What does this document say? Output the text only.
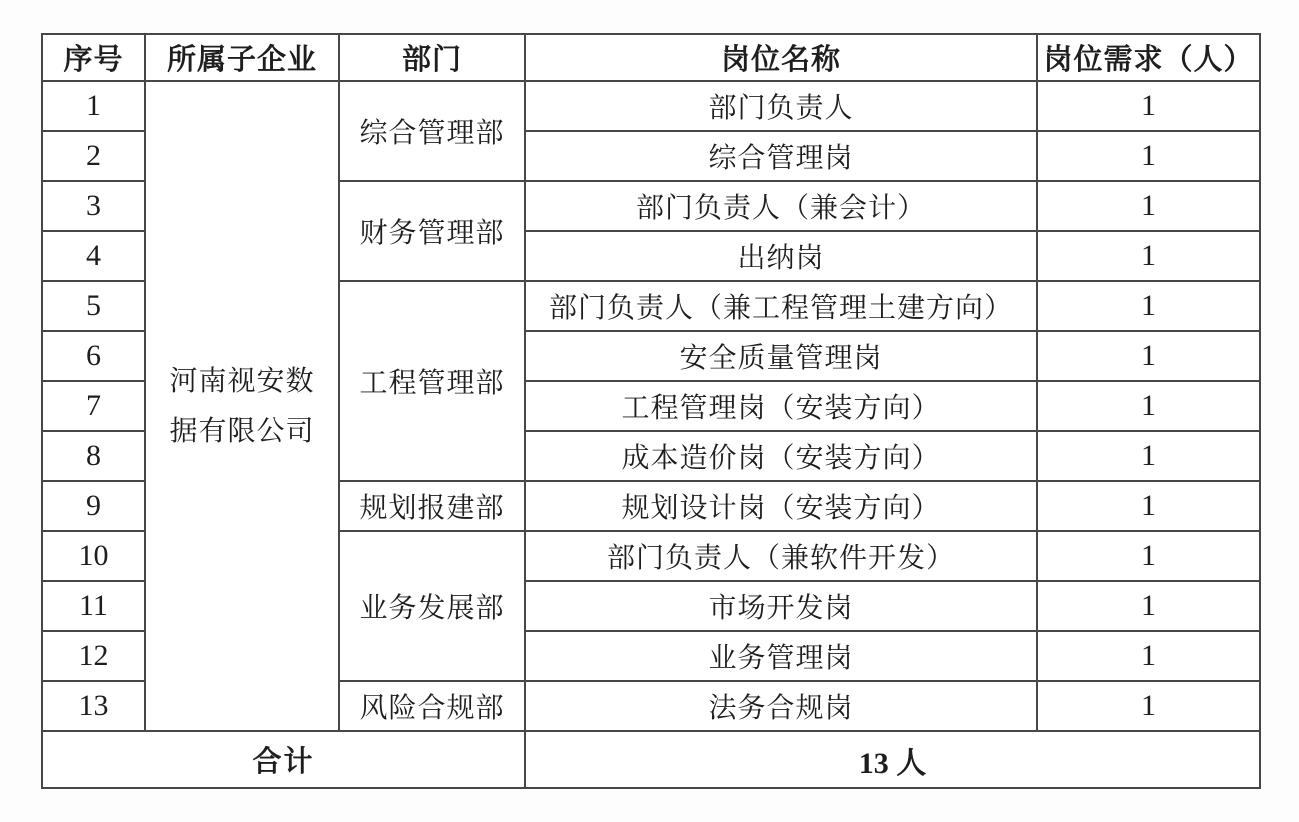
序号	所属子企业	部门	岗位名称	岗位需求（人）
1	河南视安数据有限公司	综合管理部	部门负责人	1
2			综合管理岗	1
3		财务管理部	部门负责人（兼会计）	1
4			出纳岗	1
5		工程管理部	部门负责人（兼工程管理土建方向）	1
6			安全质量管理岗	1
7			工程管理岗（安装方向）	1
8			成本造价岗（安装方向）	1
9		规划报建部	规划设计岗（安装方向）	1
10		业务发展部	部门负责人（兼软件开发）	1
11			市场开发岗	1
12			业务管理岗	1
13		风险合规部	法务合规岗	1
合计			13 人	
